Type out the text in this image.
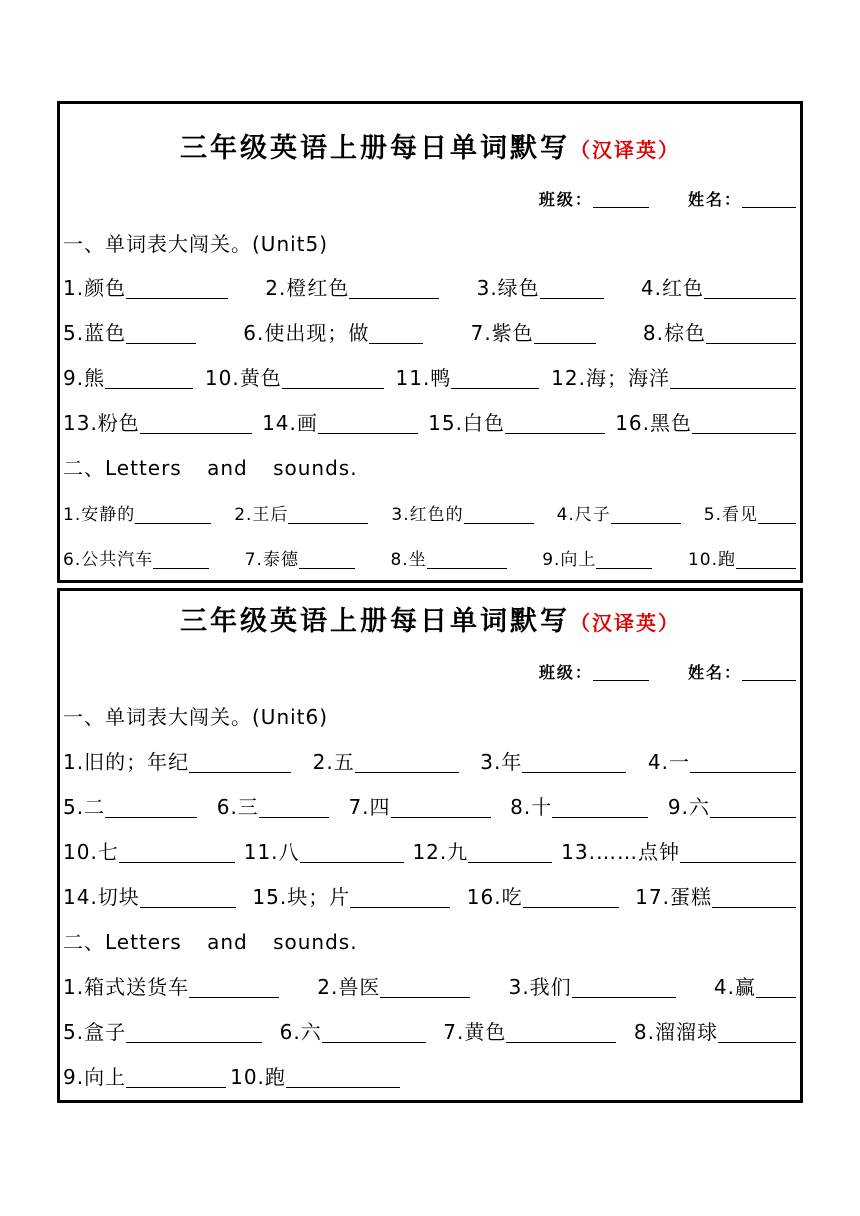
三年级英语上册每日单词默写（汉译英）
班级：	姓名：
一、单词表大闯关。(Unit5)
1.颜色	2.橙红色	3.绿色	4.红色
5.蓝色	6.使出现；做	7.紫色	8.棕色
9.熊	10.黄色	11.鸭	12.海；海洋
13.粉色	14.画	15.白色	16.黑色
二、Letters and sounds.
1.安静的	2.王后	3.红色的	4.尺子	5.看见
6.公共汽车	7.泰德	8.坐	9.向上	10.跑
三年级英语上册每日单词默写（汉译英）
班级：	姓名：
一、单词表大闯关。(Unit6)
1.旧的；年纪	2.五	3.年	4.一
5.二	6.三	7.四	8.十	9.六
10.七	11.八	12.九	13.……点钟
14.切块	15.块；片	16.吃	17.蛋糕
二、Letters and sounds.
1.箱式送货车	2.兽医	3.我们	4.赢
5.盒子	6.六	7.黄色	8.溜溜球
9.向上	10.跑
